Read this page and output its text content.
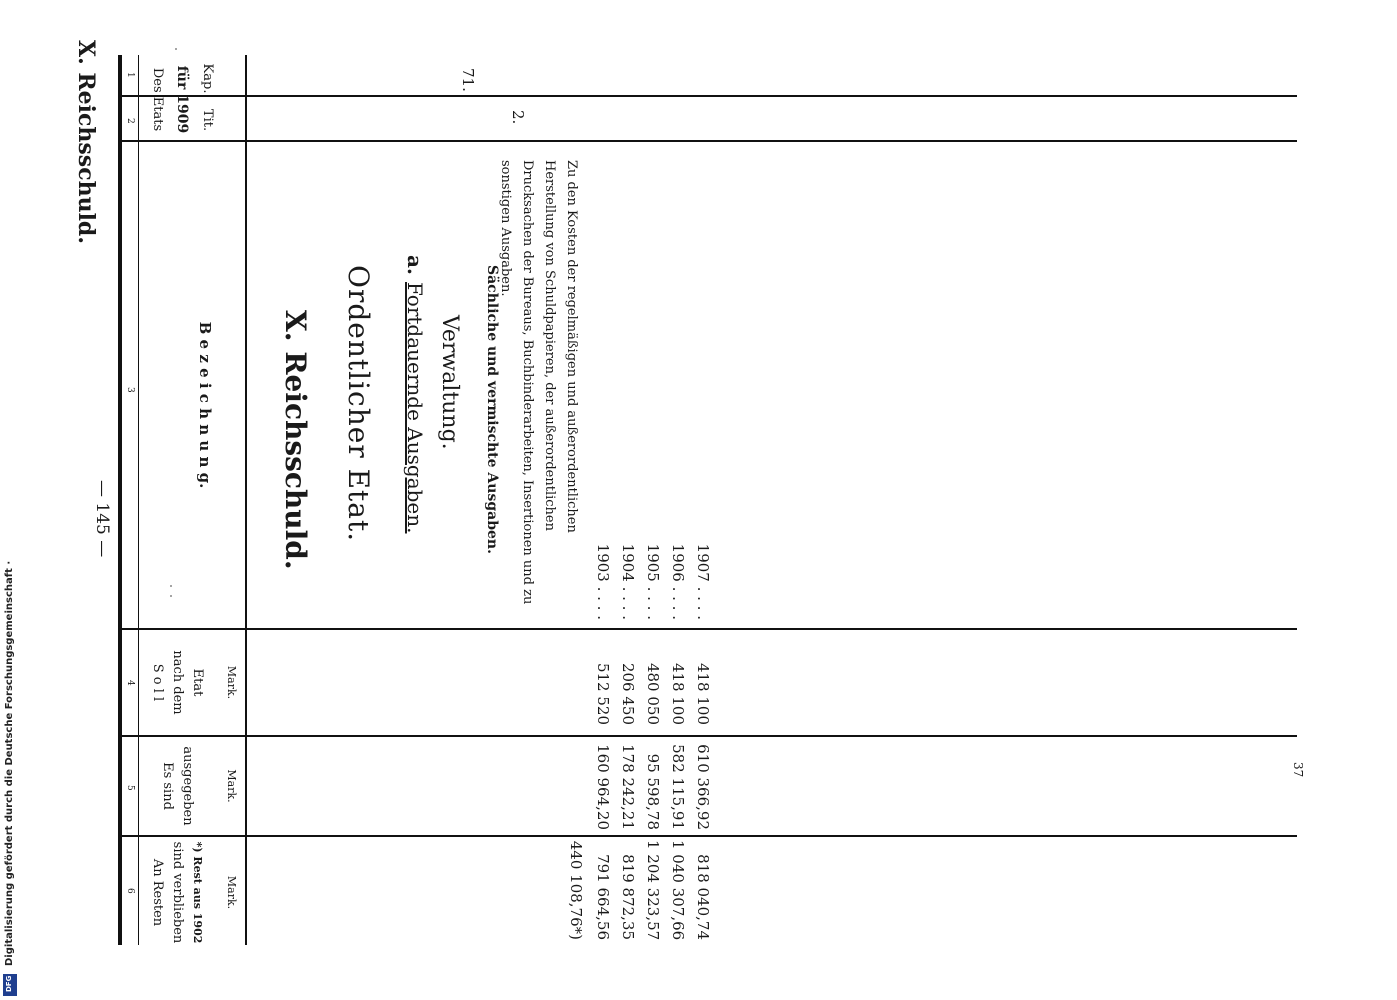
X. Reichsschuld.
— 145 —
1
2
3
4
5
6
Des Etats für 1909 Kap.
Tit.
B e z e i c h n u n g.
S o l l nach dem Etat Mark.
Es sind ausgegeben	Mark.
An Resten sind verblieben *) Rest aus 1902 Mark.
X. Reichsschuld. Ordentlicher Etat.
a.
Fortdauernde Ausgaben. Verwaltung. Sächliche und vermischte Ausgaben.
71.
2.
Zu den Kosten der regelmäßigen und außerordentlichen Herstellung von Schuldpapieren, der außerordentlichen Drucksachen der Bureaus, Buchbinderarbeiten, Insertionen und zu sonstigen Ausgaben.
1903 . . . .
512 520
160 964,20
440 108,76*) 791 664,56
1904 . . . .
206 450
178 242,21
819 872,35
1905 . . . .
480 050
95 598,78
1 204 323,57
1906 . . . .
418 100
582 115,91
1 040 307,66
1907 . . . .
418 100
610 366,92
818 040,74
37
Digitalisierung gefördert durch die Deutsche Forschungsgemeinschaft ·
DFG
